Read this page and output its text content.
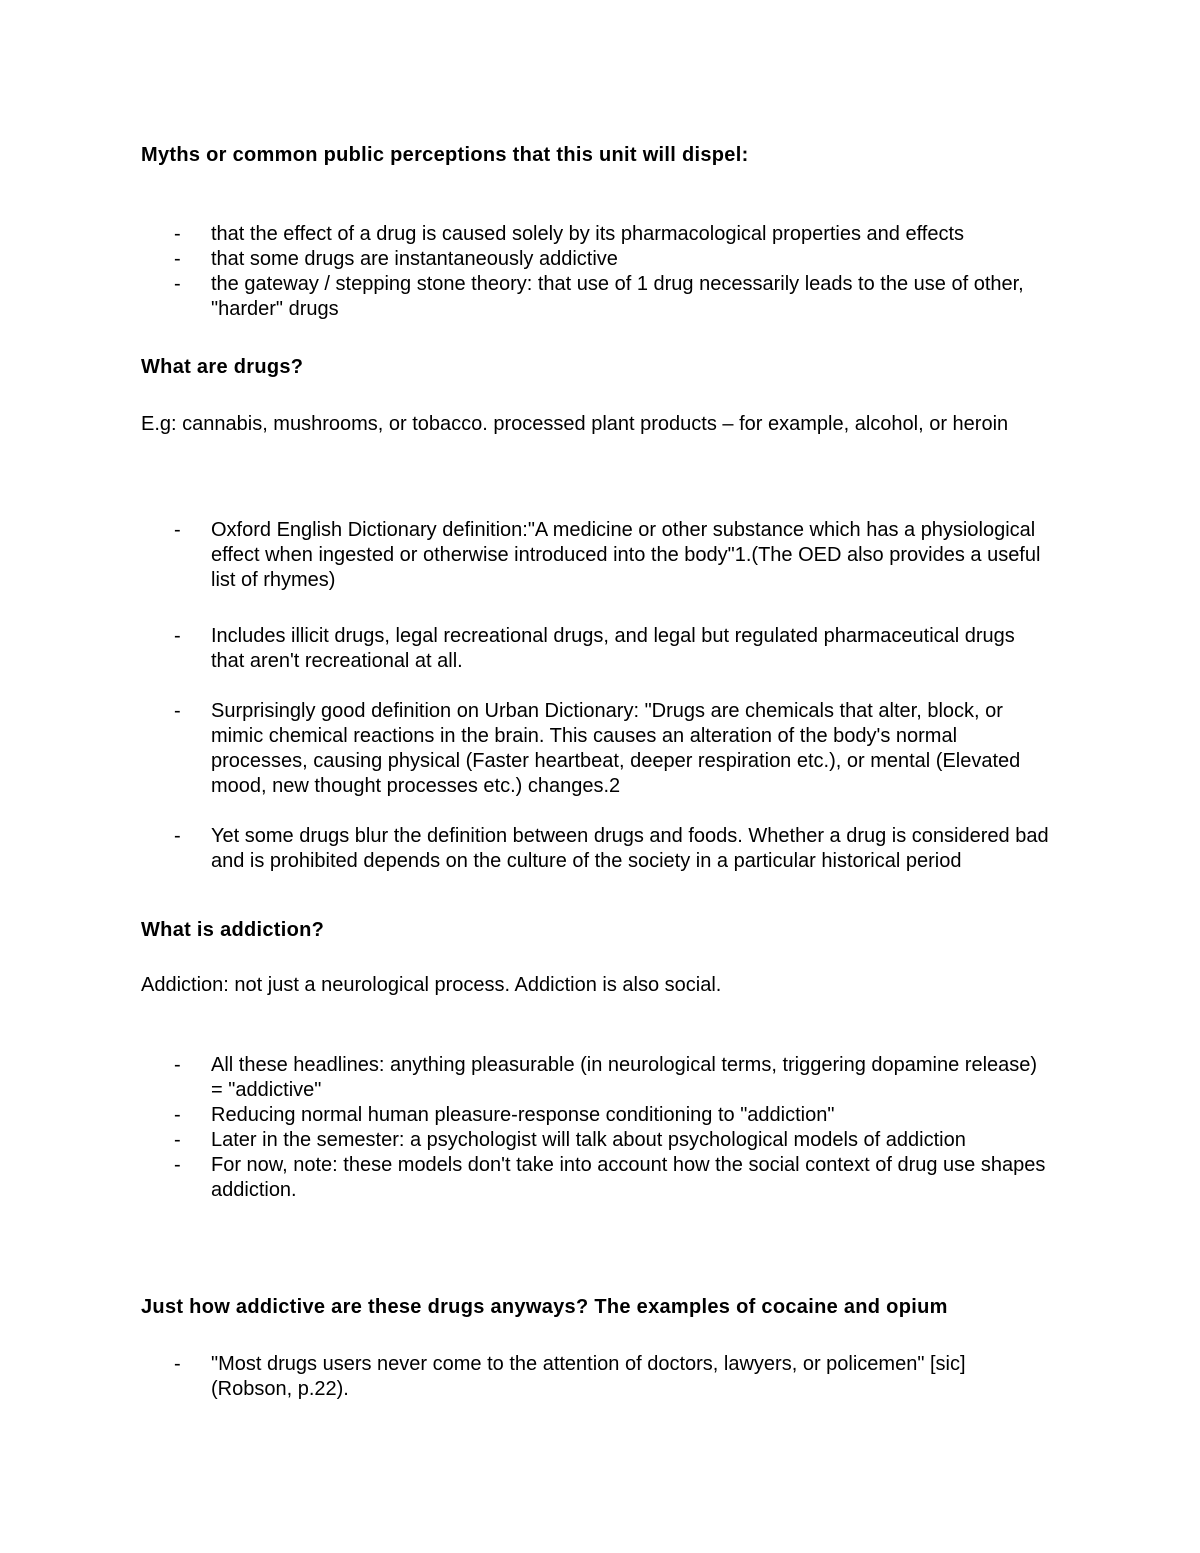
Myths or common public perceptions that this unit will dispel:
- that the effect of a drug is caused solely by its pharmacological properties and effects
- that some drugs are instantaneously addictive
- the gateway / stepping stone theory: that use of 1 drug necessarily leads to the use of other, "harder" drugs
What are drugs?

E.g: cannabis, mushrooms, or tobacco. processed plant products – for example, alcohol, or heroin

- Oxford English Dictionary definition:"A medicine or other substance which has a physiological effect when ingested or otherwise introduced into the body"1.(The OED also provides a useful list of rhymes)
- Includes illicit drugs, legal recreational drugs, and legal but regulated pharmaceutical drugs that aren't recreational at all.
- Surprisingly good definition on Urban Dictionary: "Drugs are chemicals that alter, block, or mimic chemical reactions in the brain. This causes an alteration of the body's normal processes, causing physical (Faster heartbeat, deeper respiration etc.), or mental (Elevated mood, new thought processes etc.) changes.2
- Yet some drugs blur the definition between drugs and foods. Whether a drug is considered bad and is prohibited depends on the culture of the society in a particular historical period
What is addiction?

Addiction: not just a neurological process. Addiction is also social.

- All these headlines: anything pleasurable (in neurological terms, triggering dopamine release) = "addictive"
- Reducing normal human pleasure-response conditioning to "addiction"
- Later in the semester: a psychologist will talk about psychological models of addiction
- For now, note: these models don't take into account how the social context of drug use shapes addiction.
Just how addictive are these drugs anyways? The examples of cocaine and opium
- "Most drugs users never come to the attention of doctors, lawyers, or policemen" [sic] (Robson, p.22).
